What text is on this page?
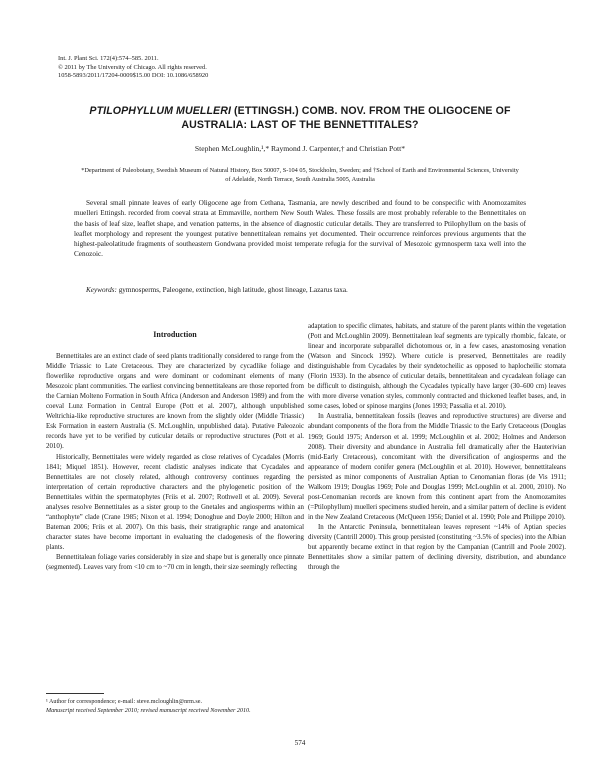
Int. J. Plant Sci. 172(4):574–585. 2011.
© 2011 by The University of Chicago. All rights reserved.
1058-5893/2011/17204-0009$15.00 DOI: 10.1086/658920
PTILOPHYLLUM MUELLERI (ETTINGSH.) COMB. NOV. FROM THE OLIGOCENE OF AUSTRALIA: LAST OF THE BENNETTITALES?
Stephen McLoughlin,¹,* Raymond J. Carpenter,† and Christian Pott*
*Department of Paleobotany, Swedish Museum of Natural History, Box 50007, S-104 05, Stockholm, Sweden; and †School of Earth and Environmental Sciences, University of Adelaide, North Terrace, South Australia 5005, Australia

Several small pinnate leaves of early Oligocene age from Cethana, Tasmania, are newly described and found to be conspecific with Anomozamites muelleri Ettingsh. recorded from coeval strata at Emmaville, northern New South Wales. These fossils are most probably referable to the Bennettitales on the basis of leaf size, leaflet shape, and venation patterns, in the absence of diagnostic cuticular details. They are transferred to Ptilophyllum on the basis of leaflet morphology and represent the youngest putative bennettitalean remains yet documented. Their occurrence reinforces previous arguments that the highest-paleolatitude fragments of southeastern Gondwana provided moist temperate refugia for the survival of Mesozoic gymnosperm taxa well into the Cenozoic.

Keywords: gymnosperms, Paleogene, extinction, high latitude, ghost lineage, Lazarus taxa.

Introduction

Bennettitales are an extinct clade of seed plants traditionally considered to range from the Middle Triassic to Late Cretaceous. They are characterized by cycadlike foliage and flowerlike reproductive organs and were dominant or codominant elements of many Mesozoic plant communities. The earliest convincing bennettitaleans are those reported from the Carnian Molteno Formation in South Africa (Anderson and Anderson 1989) and from the coeval Lunz Formation in Central Europe (Pott et al. 2007), although unpublished Weltrichia-like reproductive structures are known from the slightly older (Middle Triassic) Esk Formation in eastern Australia (S. McLoughlin, unpublished data). Putative Paleozoic records have yet to be verified by cuticular details or reproductive structures (Pott et al. 2010).

Historically, Bennettitales were widely regarded as close relatives of Cycadales (Morris 1841; Miquel 1851). However, recent cladistic analyses indicate that Cycadales and Bennettitales are not closely related, although controversy continues regarding the interpretation of certain reproductive characters and the phylogenetic position of the Bennettitales within the spermatophytes (Friis et al. 2007; Rothwell et al. 2009). Several analyses resolve Bennettitales as a sister group to the Gnetales and angiosperms within an “anthophyte” clade (Crane 1985; Nixon et al. 1994; Donoghue and Doyle 2000; Hilton and Bateman 2006; Friis et al. 2007). On this basis, their stratigraphic range and anatomical character states have become important in evaluating the cladogenesis of the flowering plants.

Bennettitalean foliage varies considerably in size and shape but is generally once pinnate (segmented). Leaves vary from <10 cm to ~70 cm in length, their size seemingly reflecting

adaptation to specific climates, habitats, and stature of the parent plants within the vegetation (Pott and McLoughlin 2009). Bennettitalean leaf segments are typically rhombic, falcate, or linear and incorporate subparallel dichotomous or, in a few cases, anastomosing venation (Watson and Sincock 1992). Where cuticle is preserved, Bennettitales are readily distinguishable from Cycadales by their syndetocheilic as opposed to haplocheilic stomata (Florin 1933). In the absence of cuticular details, bennettitalean and cycadalean foliage can be difficult to distinguish, although the Cycadales typically have larger (30–600 cm) leaves with more diverse venation styles, commonly contracted and thickened leaflet bases, and, in some cases, lobed or spinose margins (Jones 1993; Passalia et al. 2010).

In Australia, bennettitalean fossils (leaves and reproductive structures) are diverse and abundant components of the flora from the Middle Triassic to the Early Cretaceous (Douglas 1969; Gould 1975; Anderson et al. 1999; McLoughlin et al. 2002; Holmes and Anderson 2008). Their diversity and abundance in Australia fell dramatically after the Hauterivian (mid-Early Cretaceous), concomitant with the diversification of angiosperms and the appearance of modern conifer genera (McLoughlin et al. 2010). However, bennettitaleans persisted as minor components of Australian Aptian to Cenomanian floras (de Vis 1911; Walkom 1919; Douglas 1969; Pole and Douglas 1999; McLoughlin et al. 2000, 2010). No post-Cenomanian records are known from this continent apart from the Anomozamites (=Ptilophyllum) muelleri specimens studied herein, and a similar pattern of decline is evident in the New Zealand Cretaceous (McQueen 1956; Daniel et al. 1990; Pole and Philippe 2010).

In the Antarctic Peninsula, bennettitalean leaves represent ~14% of Aptian species diversity (Cantrill 2000). This group persisted (constituting ~3.5% of species) into the Albian but apparently became extinct in that region by the Campanian (Cantrill and Poole 2002). Bennettitales show a similar pattern of declining diversity, distribution, and abundance through the

¹ Author for correspondence; e-mail: steve.mcloughlin@nrm.se.

Manuscript received September 2010; revised manuscript received November 2010.

574
